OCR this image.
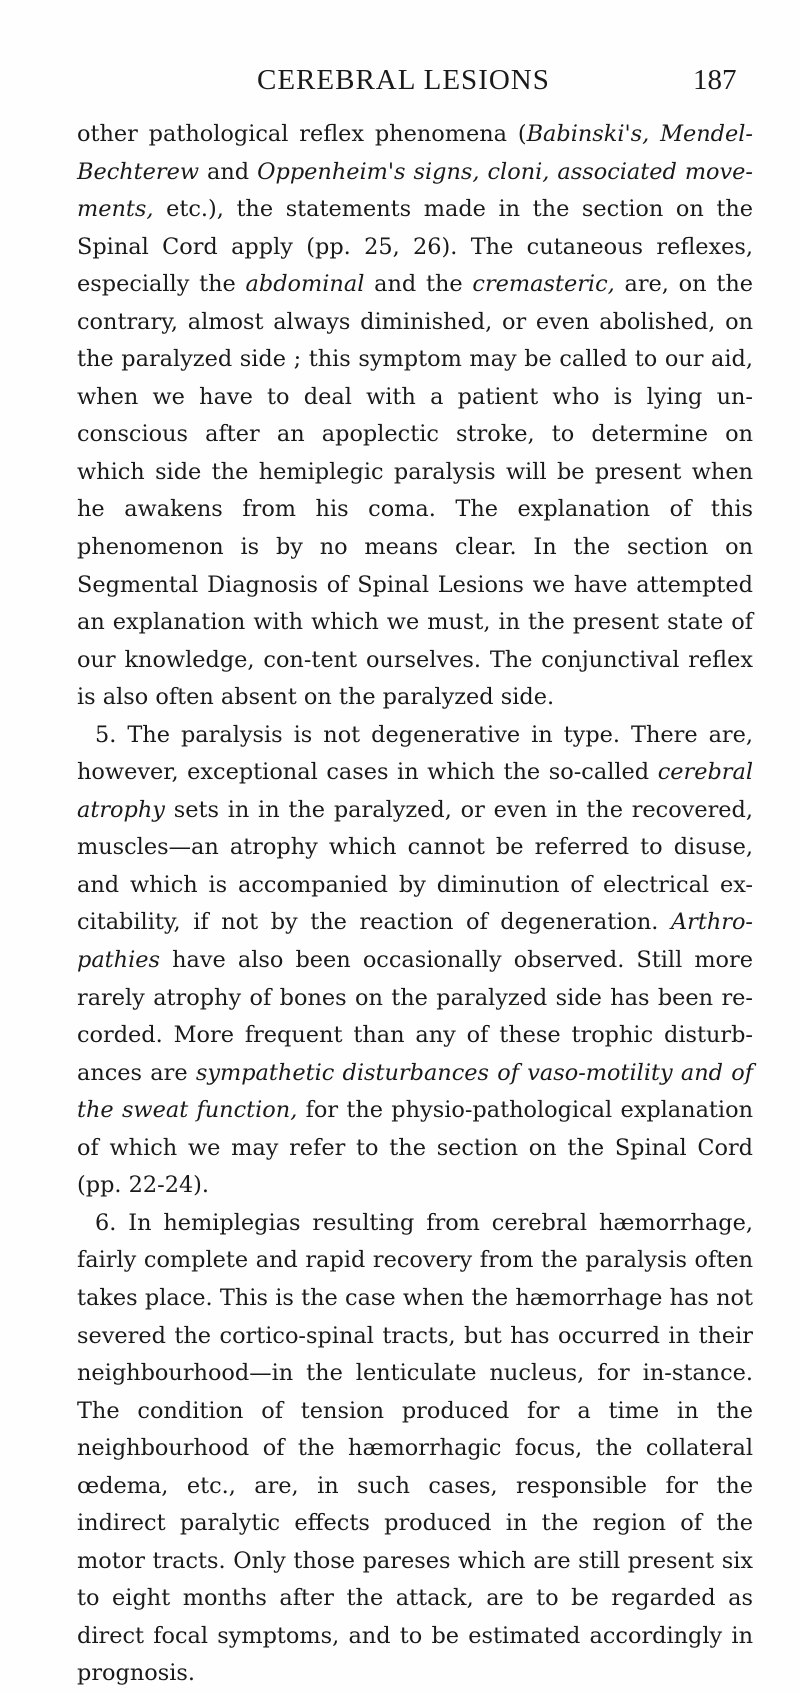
CEREBRAL LESIONS	187

other pathological reflex phenomena (Babinski's, Mendel-Bechterew and Oppenheim's signs, cloni, associated move-ments, etc.), the statements made in the section on the Spinal Cord apply (pp. 25, 26). The cutaneous reflexes, especially the abdominal and the cremasteric, are, on the contrary, almost always diminished, or even abolished, on the paralyzed side ; this symptom may be called to our aid, when we have to deal with a patient who is lying un-conscious after an apoplectic stroke, to determine on which side the hemiplegic paralysis will be present when he awakens from his coma. The explanation of this phenomenon is by no means clear. In the section on Segmental Diagnosis of Spinal Lesions we have attempted an explanation with which we must, in the present state of our knowledge, con-tent ourselves. The conjunctival reflex is also often absent on the paralyzed side.

5. The paralysis is not degenerative in type. There are, however, exceptional cases in which the so-called cerebral atrophy sets in in the paralyzed, or even in the recovered, muscles—an atrophy which cannot be referred to disuse, and which is accompanied by diminution of electrical ex-citability, if not by the reaction of degeneration. Arthro-pathies have also been occasionally observed. Still more rarely atrophy of bones on the paralyzed side has been re-corded. More frequent than any of these trophic disturb-ances are sympathetic disturbances of vaso-motility and of the sweat function, for the physio-pathological explanation of which we may refer to the section on the Spinal Cord (pp. 22-24).

6. In hemiplegias resulting from cerebral hæmorrhage, fairly complete and rapid recovery from the paralysis often takes place. This is the case when the hæmorrhage has not severed the cortico-spinal tracts, but has occurred in their neighbourhood—in the lenticulate nucleus, for in-stance. The condition of tension produced for a time in the neighbourhood of the hæmorrhagic focus, the collateral œdema, etc., are, in such cases, responsible for the indirect paralytic effects produced in the region of the motor tracts. Only those pareses which are still present six to eight months after the attack, are to be regarded as direct focal symptoms, and to be estimated accordingly in prognosis.
